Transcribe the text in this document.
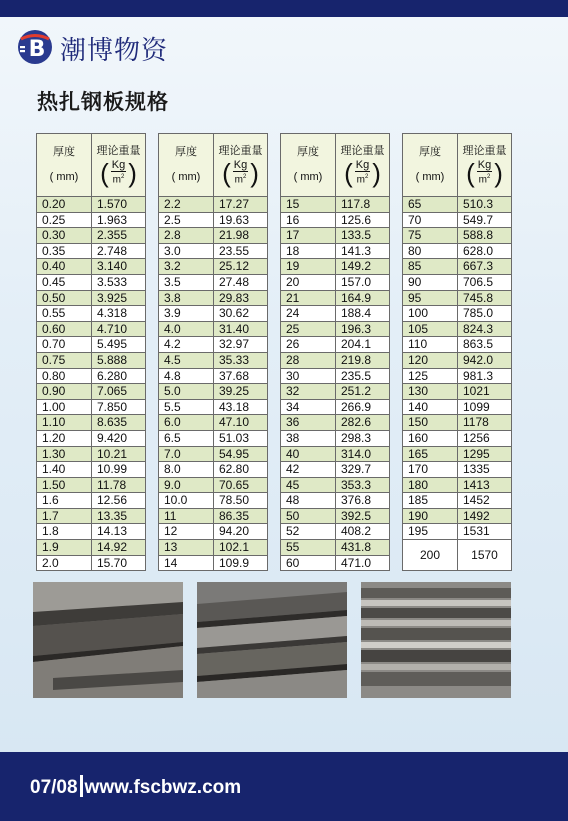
B 潮博物资
热扎钢板规格
厚度
( mm)	理论重量
( $\frac{Kg}{m^2}$ )

0.20	1.570
0.25	1.963
0.30	2.355
0.35	2.748
0.40	3.140
0.45	3.533
0.50	3.925
0.55	4.318
0.60	4.710
0.70	5.495
0.75	5.888
0.80	6.280
0.90	7.065
1.00	7.850
1.10	8.635
1.20	9.420
1.30	10.21
1.40	10.99
1.50	11.78
1.6	12.56
1.7	13.35
1.8	14.13
1.9	14.92
2.0	15.70
厚度
( mm)	理论重量
( $\frac{Kg}{m^2}$ )

2.2	17.27
2.5	19.63
2.8	21.98
3.0	23.55
3.2	25.12
3.5	27.48
3.8	29.83
3.9	30.62
4.0	31.40
4.2	32.97
4.5	35.33
4.8	37.68
5.0	39.25
5.5	43.18
6.0	47.10
6.5	51.03
7.0	54.95
8.0	62.80
9.0	70.65
10.0	78.50
11	86.35
12	94.20
13	102.1
14	109.9
厚度
( mm)	理论重量
( $\frac{Kg}{m^2}$ )

15	117.8
16	125.6
17	133.5
18	141.3
19	149.2
20	157.0
21	164.9
24	188.4
25	196.3
26	204.1
28	219.8
30	235.5
32	251.2
34	266.9
36	282.6
38	298.3
40	314.0
42	329.7
45	353.3
48	376.8
50	392.5
52	408.2
55	431.8
60	471.0
厚度
( mm)	理论重量
( $\frac{Kg}{m^2}$ )

65	510.3
70	549.7
75	588.8
80	628.0
85	667.3
90	706.5
95	745.8
100	785.0
105	824.3
110	863.5
120	942.0
125	981.3
130	1021
140	1099
150	1178
160	1256
165	1295
170	1335
180	1413
185	1452
190	1492
195	1531
200	1570
07/08 www.fscbwz.com
